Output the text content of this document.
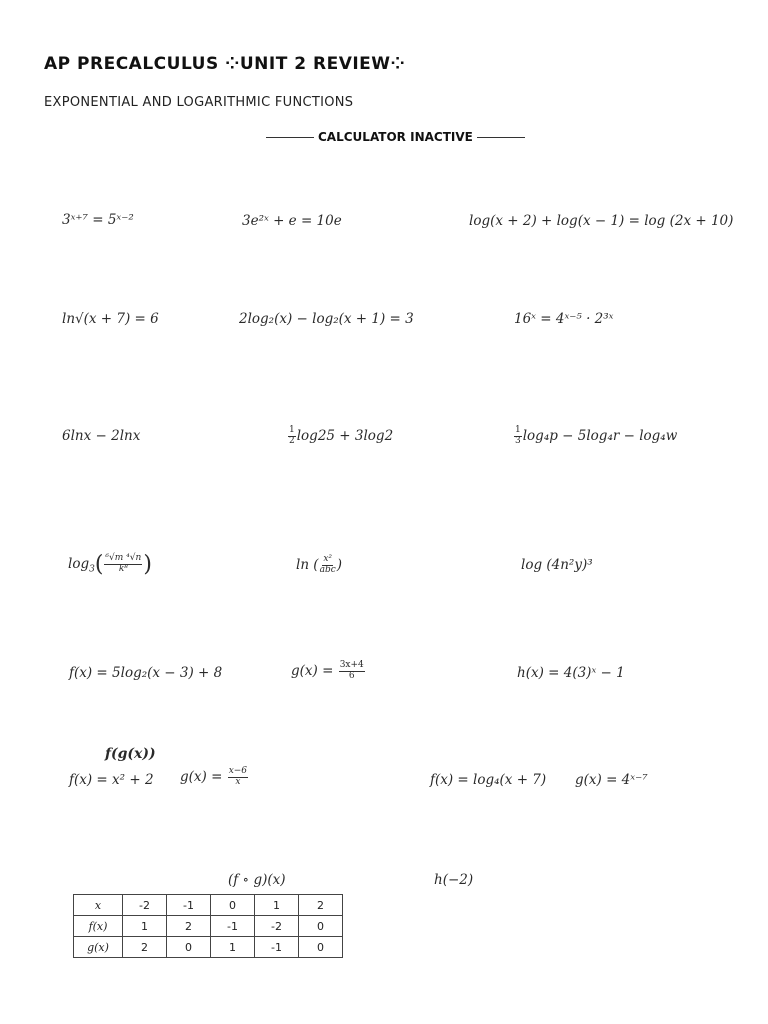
AP PRECALCULUS ⁘UNIT 2 REVIEW⁘
EXPONENTIAL AND LOGARITHMIC FUNCTIONS
CALCULATOR INACTIVE
3ˣ⁺⁷ = 5ˣ⁻²	3e²ˣ + e = 10e	log(x + 2) + log(x − 1) = log (2x + 10)
ln√(x + 7) = 6	2log₂(x) − log₂(x + 1) = 3	16ˣ = 4ˣ⁻⁵ · 2³ˣ
6lnx − 2lnx	$\frac{1}{2} \log 25 + 3\log 2$	$\frac{1}{3} \log_4p - 5\log_4r - \log_4w$
$\log_3( \frac{\text{⁶√m ⁴√n}}{\text{k⁸}}$ )	ln ( $\frac{\text{x²}}{\text{abc}}$ )	log (4n²y)³
f(x) = 5log₂(x − 3) + 8	$g(x) = \frac{3x+4}{6}$	h(x) = 4(3)ˣ − 1
f(g(x))
f(x) = x² + 2 $g(x) = \frac{x-6}{x}$	f(x) = log₄(x + 7) g(x) = 4ˣ⁻⁷
(f ∘ g)(x)	h(−2)
x	-2	-1	0	1	2
f(x)	1	2	-1	-2	0
g(x)	2	0	1	-1	0
